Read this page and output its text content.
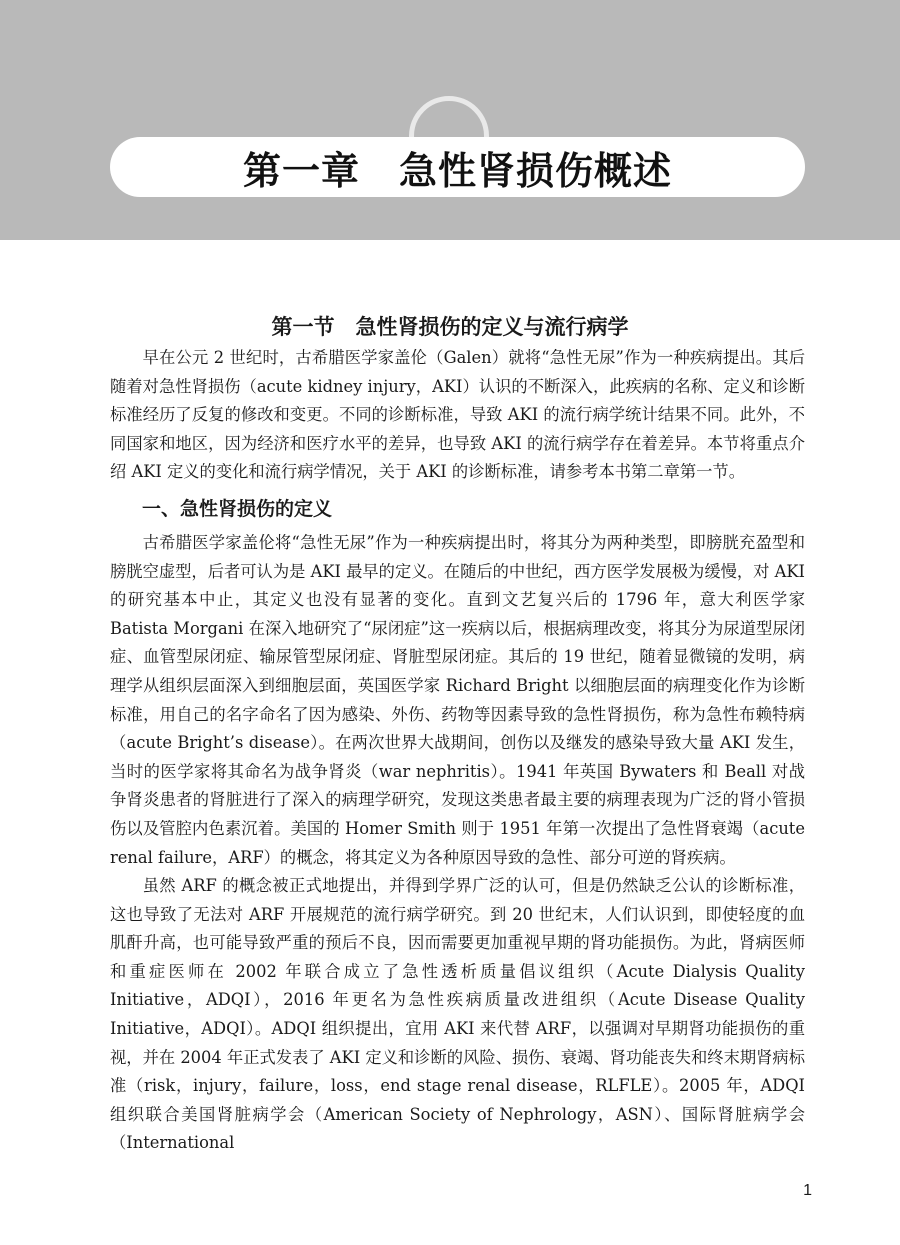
第一章　急性肾损伤概述
第一节　急性肾损伤的定义与流行病学

早在公元 2 世纪时，古希腊医学家盖伦（Galen）就将“急性无尿”作为一种疾病提出。其后随着对急性肾损伤（acute kidney injury，AKI）认识的不断深入，此疾病的名称、定义和诊断标准经历了反复的修改和变更。不同的诊断标准，导致 AKI 的流行病学统计结果不同。此外，不同国家和地区，因为经济和医疗水平的差异，也导致 AKI 的流行病学存在着差异。本节将重点介绍 AKI 定义的变化和流行病学情况，关于 AKI 的诊断标准，请参考本书第二章第一节。

一、急性肾损伤的定义

古希腊医学家盖伦将“急性无尿”作为一种疾病提出时，将其分为两种类型，即膀胱充盈型和膀胱空虚型，后者可认为是 AKI 最早的定义。在随后的中世纪，西方医学发展极为缓慢，对 AKI 的研究基本中止，其定义也没有显著的变化。直到文艺复兴后的 1796 年，意大利医学家 Batista Morgani 在深入地研究了“尿闭症”这一疾病以后，根据病理改变，将其分为尿道型尿闭症、血管型尿闭症、输尿管型尿闭症、肾脏型尿闭症。其后的 19 世纪，随着显微镜的发明，病理学从组织层面深入到细胞层面，英国医学家 Richard Bright 以细胞层面的病理变化作为诊断标准，用自己的名字命名了因为感染、外伤、药物等因素导致的急性肾损伤，称为急性布赖特病（acute Bright’s disease）。在两次世界大战期间，创伤以及继发的感染导致大量 AKI 发生，当时的医学家将其命名为战争肾炎（war nephritis）。1941 年英国 Bywaters 和 Beall 对战争肾炎患者的肾脏进行了深入的病理学研究，发现这类患者最主要的病理表现为广泛的肾小管损伤以及管腔内色素沉着。美国的 Homer Smith 则于 1951 年第一次提出了急性肾衰竭（acute renal failure，ARF）的概念，将其定义为各种原因导致的急性、部分可逆的肾疾病。

虽然 ARF 的概念被正式地提出，并得到学界广泛的认可，但是仍然缺乏公认的诊断标准，这也导致了无法对 ARF 开展规范的流行病学研究。到 20 世纪末，人们认识到，即使轻度的血肌酐升高，也可能导致严重的预后不良，因而需要更加重视早期的肾功能损伤。为此，肾病医师和重症医师在 2002 年联合成立了急性透析质量倡议组织（Acute Dialysis Quality Initiative，ADQI），2016 年更名为急性疾病质量改进组织（Acute Disease Quality Initiative，ADQI）。ADQI 组织提出，宜用 AKI 来代替 ARF，以强调对早期肾功能损伤的重视，并在 2004 年正式发表了 AKI 定义和诊断的风险、损伤、衰竭、肾功能丧失和终末期肾病标准（risk，injury，failure，loss，end stage renal disease，RLFLE）。2005 年，ADQI 组织联合美国肾脏病学会（American Society of Nephrology，ASN）、国际肾脏病学会（International

1
